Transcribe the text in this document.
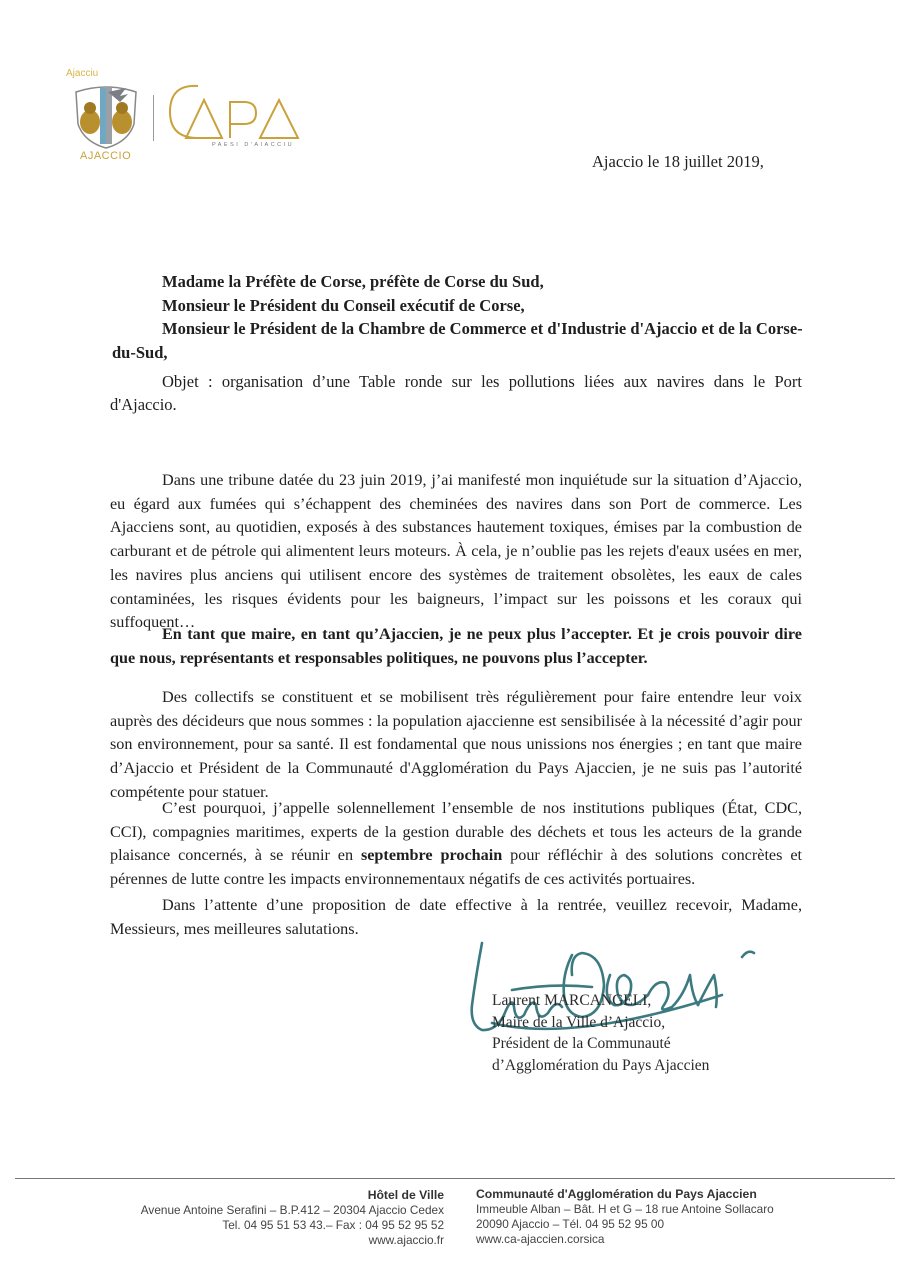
Ajacciu
AJACCIO
PAESI D'AIACCIU
Ajaccio le 18 juillet 2019,
Madame la Préfète de Corse, préfète de Corse du Sud,
Monsieur le Président du Conseil exécutif de Corse,
Monsieur le Président de la Chambre de Commerce et d'Industrie d'Ajaccio et de la Corse-
du-Sud,
Objet : organisation d’une Table ronde sur les pollutions liées aux navires dans le Port
d'Ajaccio.
Dans une tribune datée du 23 juin 2019, j’ai manifesté mon inquiétude sur la situation d’Ajaccio, eu égard aux fumées qui s’échappent des cheminées des navires dans son Port de commerce. Les Ajacciens sont, au quotidien, exposés à des substances hautement toxiques, émises par la combustion de carburant et de pétrole qui alimentent leurs moteurs. À cela, je n’oublie pas les rejets d'eaux usées en mer, les navires plus anciens qui utilisent encore des systèmes de traitement obsolètes, les eaux de cales contaminées, les risques évidents pour les baigneurs, l’impact sur les poissons et les coraux qui suffoquent…
En tant que maire, en tant qu’Ajaccien, je ne peux plus l’accepter. Et je crois pouvoir dire que nous, représentants et responsables politiques, ne pouvons plus l’accepter.
Des collectifs se constituent et se mobilisent très régulièrement pour faire entendre leur voix auprès des décideurs que nous sommes : la population ajaccienne est sensibilisée à la nécessité d’agir pour son environnement, pour sa santé. Il est fondamental que nous unissions nos énergies ; en tant que maire d’Ajaccio et Président de la Communauté d'Agglomération du Pays Ajaccien, je ne suis pas l’autorité compétente pour statuer.
C’est pourquoi, j’appelle solennellement l’ensemble de nos institutions publiques (État, CDC, CCI), compagnies maritimes, experts de la gestion durable des déchets et tous les acteurs de la grande plaisance concernés, à se réunir en septembre prochain pour réfléchir à des solutions concrètes et pérennes de lutte contre les impacts environnementaux négatifs de ces activités portuaires.
Dans l’attente d’une proposition de date effective à la rentrée, veuillez recevoir, Madame, Messieurs, mes meilleures salutations.
Laurent MARCANGELI,
Maire de la Ville d’Ajaccio,
Président de la Communauté
d’Agglomération du Pays Ajaccien
Hôtel de Ville
Avenue Antoine Serafini – B.P.412 – 20304 Ajaccio Cedex
Tel. 04 95 51 53 43.– Fax : 04 95 52 95 52
www.ajaccio.fr
Communauté d'Agglomération du Pays Ajaccien
Immeuble Alban – Bât. H et G – 18 rue Antoine Sollacaro
20090 Ajaccio – Tél. 04 95 52 95 00
www.ca-ajaccien.corsica
